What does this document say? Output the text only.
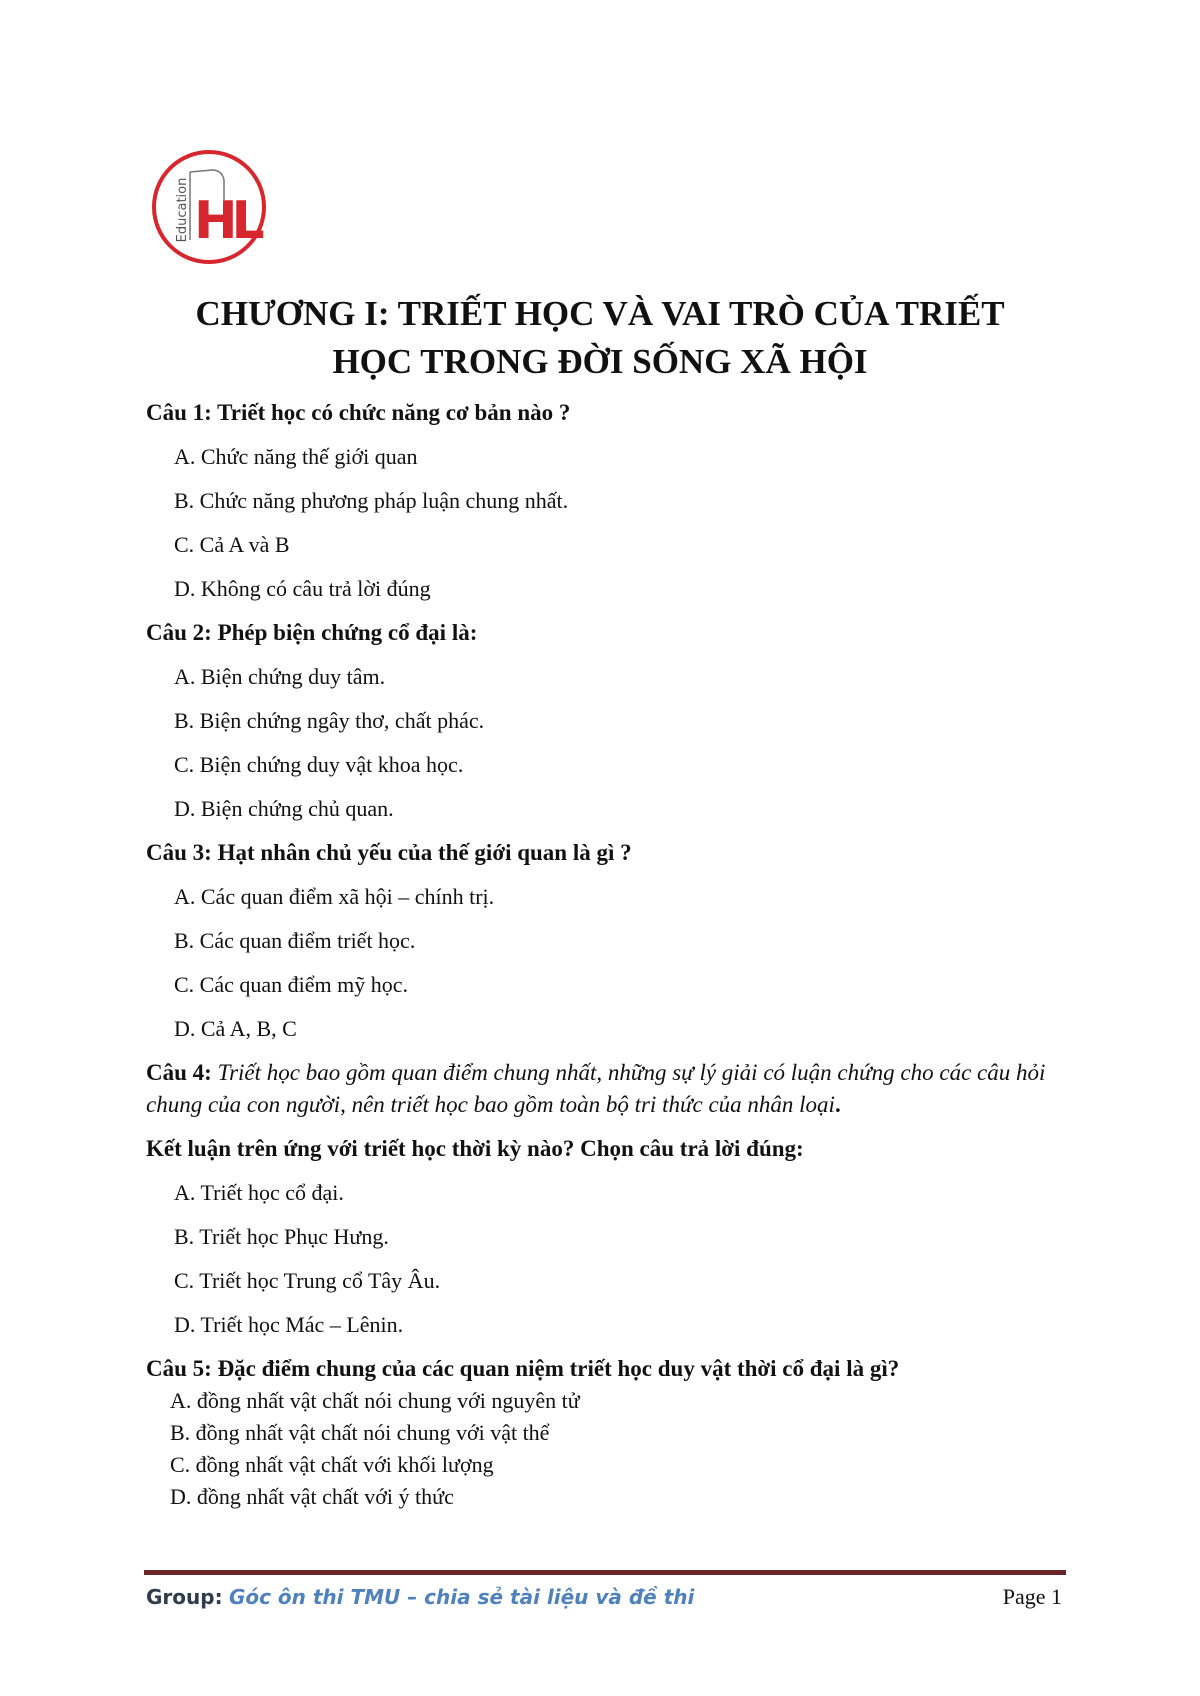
Education HL
CHƯƠNG I: TRIẾT HỌC VÀ VAI TRÒ CỦA TRIẾT
HỌC TRONG ĐỜI SỐNG XÃ HỘI

Câu 1: Triết học có chức năng cơ bản nào ?

A. Chức năng thế giới quan

B. Chức năng phương pháp luận chung nhất.

C. Cả A và B

D. Không có câu trả lời đúng

Câu 2: Phép biện chứng cổ đại là:

A. Biện chứng duy tâm.

B. Biện chứng ngây thơ, chất phác.

C. Biện chứng duy vật khoa học.

D. Biện chứng chủ quan.

Câu 3: Hạt nhân chủ yếu của thế giới quan là gì ?

A. Các quan điểm xã hội – chính trị.

B. Các quan điểm triết học.

C. Các quan điểm mỹ học.

D. Cả A, B, C

Câu 4: Triết học bao gồm quan điểm chung nhất, những sự lý giải có luận chứng cho các câu hỏi chung của con người, nên triết học bao gồm toàn bộ tri thức của nhân loại.

Kết luận trên ứng với triết học thời kỳ nào? Chọn câu trả lời đúng:

A. Triết học cổ đại.

B. Triết học Phục Hưng.

C. Triết học Trung cổ Tây Âu.

D. Triết học Mác – Lênin.

Câu 5: Đặc điểm chung của các quan niệm triết học duy vật thời cổ đại là gì?

A. đồng nhất vật chất nói chung với nguyên tử

B. đồng nhất vật chất nói chung với vật thể

C. đồng nhất vật chất với khối lượng

D. đồng nhất vật chất với ý thức

Group: Góc ôn thi TMU – chia sẻ tài liệu và đề thi	Page 1
